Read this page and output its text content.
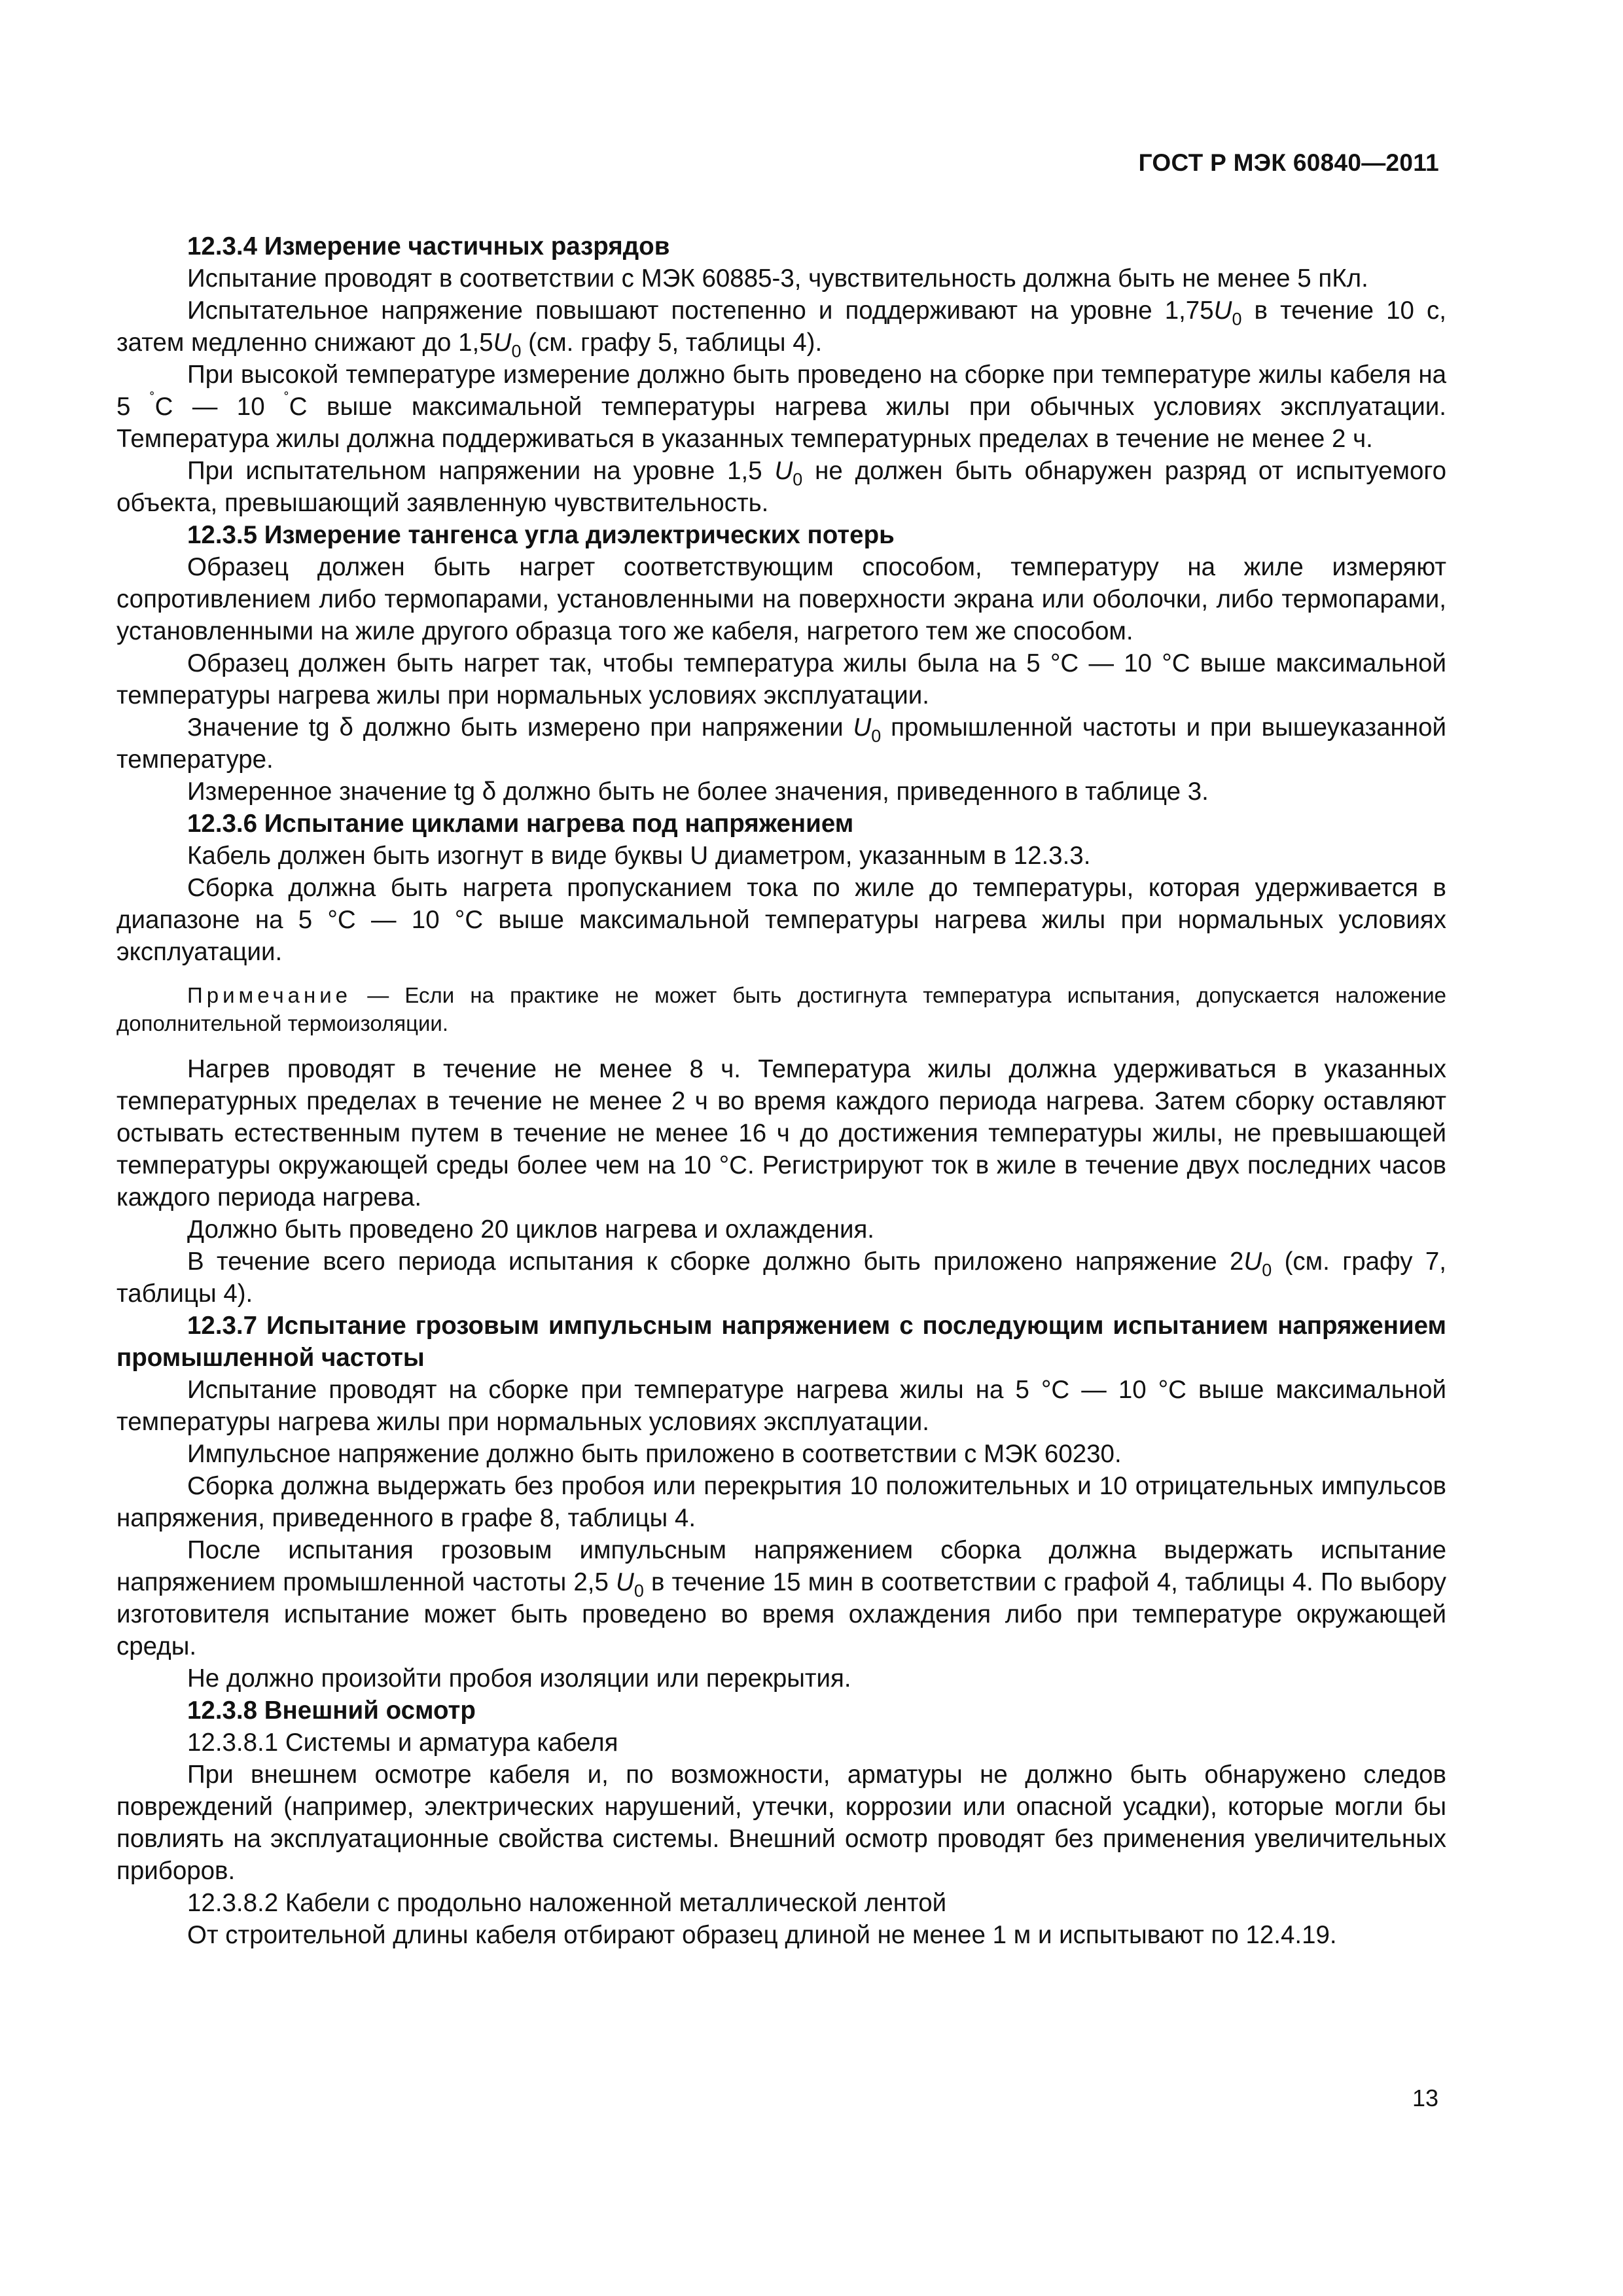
ГОСТ Р МЭК 60840—2011

12.3.4 Измерение частичных разрядов

Испытание проводят в соответствии с МЭК 60885-3, чувствительность должна быть не менее 5 пКл.

Испытательное напряжение повышают постепенно и поддерживают на уровне $1,75U_0$ в течение 10 с, затем медленно снижают до $1,5U_0$ (см. графу 5, таблицы 4).

При высокой температуре измерение должно быть проведено на сборке при температуре жилы кабеля на 5 ˚C — 10 ˚C выше максимальной температуры нагрева жилы при обычных условиях эксплуатации. Температура жилы должна поддерживаться в указанных температурных пределах в течение не менее 2 ч.

При испытательном напряжении на уровне 1,5 $U_0$ не должен быть обнаружен разряд от испытуемого объекта, превышающий заявленную чувствительность.

12.3.5 Измерение тангенса угла диэлектрических потерь

Образец должен быть нагрет соответствующим способом, температуру на жиле измеряют сопротивлением либо термопарами, установленными на поверхности экрана или оболочки, либо термопарами, установленными на жиле другого образца того же кабеля, нагретого тем же способом.

Образец должен быть нагрет так, чтобы температура жилы была на 5 °С — 10 °С выше максимальной температуры нагрева жилы при нормальных условиях эксплуатации.

Значение tg δ должно быть измерено при напряжении $U_0$ промышленной частоты и при вышеуказанной температуре.

Измеренное значение tg δ должно быть не более значения, приведенного в таблице 3.

12.3.6 Испытание циклами нагрева под напряжением

Кабель должен быть изогнут в виде буквы U диаметром, указанным в 12.3.3.

Сборка должна быть нагрета пропусканием тока по жиле до температуры, которая удерживается в диапазоне на 5 °С — 10 °С выше максимальной температуры нагрева жилы при нормальных условиях эксплуатации.

Примечание — Если на практике не может быть достигнута температура испытания, допускается наложение дополнительной термоизоляции.

Нагрев проводят в течение не менее 8 ч. Температура жилы должна удерживаться в указанных температурных пределах в течение не менее 2 ч во время каждого периода нагрева. Затем сборку оставляют остывать естественным путем в течение не менее 16 ч до достижения температуры жилы, не превышающей температуры окружающей среды более чем на 10 °С. Регистрируют ток в жиле в течение двух последних часов каждого периода нагрева.

Должно быть проведено 20 циклов нагрева и охлаждения.

В течение всего периода испытания к сборке должно быть приложено напряжение $2U_0$ (см. графу 7, таблицы 4).

12.3.7 Испытание грозовым импульсным напряжением с последующим испытанием напряжением промышленной частоты

Испытание проводят на сборке при температуре нагрева жилы на 5 °С — 10 °С выше максимальной температуры нагрева жилы при нормальных условиях эксплуатации.

Импульсное напряжение должно быть приложено в соответствии с МЭК 60230.

Сборка должна выдержать без пробоя или перекрытия 10 положительных и 10 отрицательных импульсов напряжения, приведенного в графе 8, таблицы 4.

После испытания грозовым импульсным напряжением сборка должна выдержать испытание напряжением промышленной частоты 2,5 $U_0$ в течение 15 мин в соответствии с графой 4, таблицы 4. По выбору изготовителя испытание может быть проведено во время охлаждения либо при температуре окружающей среды.

Не должно произойти пробоя изоляции или перекрытия.

12.3.8 Внешний осмотр

12.3.8.1 Системы и арматура кабеля

При внешнем осмотре кабеля и, по возможности, арматуры не должно быть обнаружено следов повреждений (например, электрических нарушений, утечки, коррозии или опасной усадки), которые могли бы повлиять на эксплуатационные свойства системы. Внешний осмотр проводят без применения увеличительных приборов.

12.3.8.2 Кабели с продольно наложенной металлической лентой

От строительной длины кабеля отбирают образец длиной не менее 1 м и испытывают по 12.4.19.

13
